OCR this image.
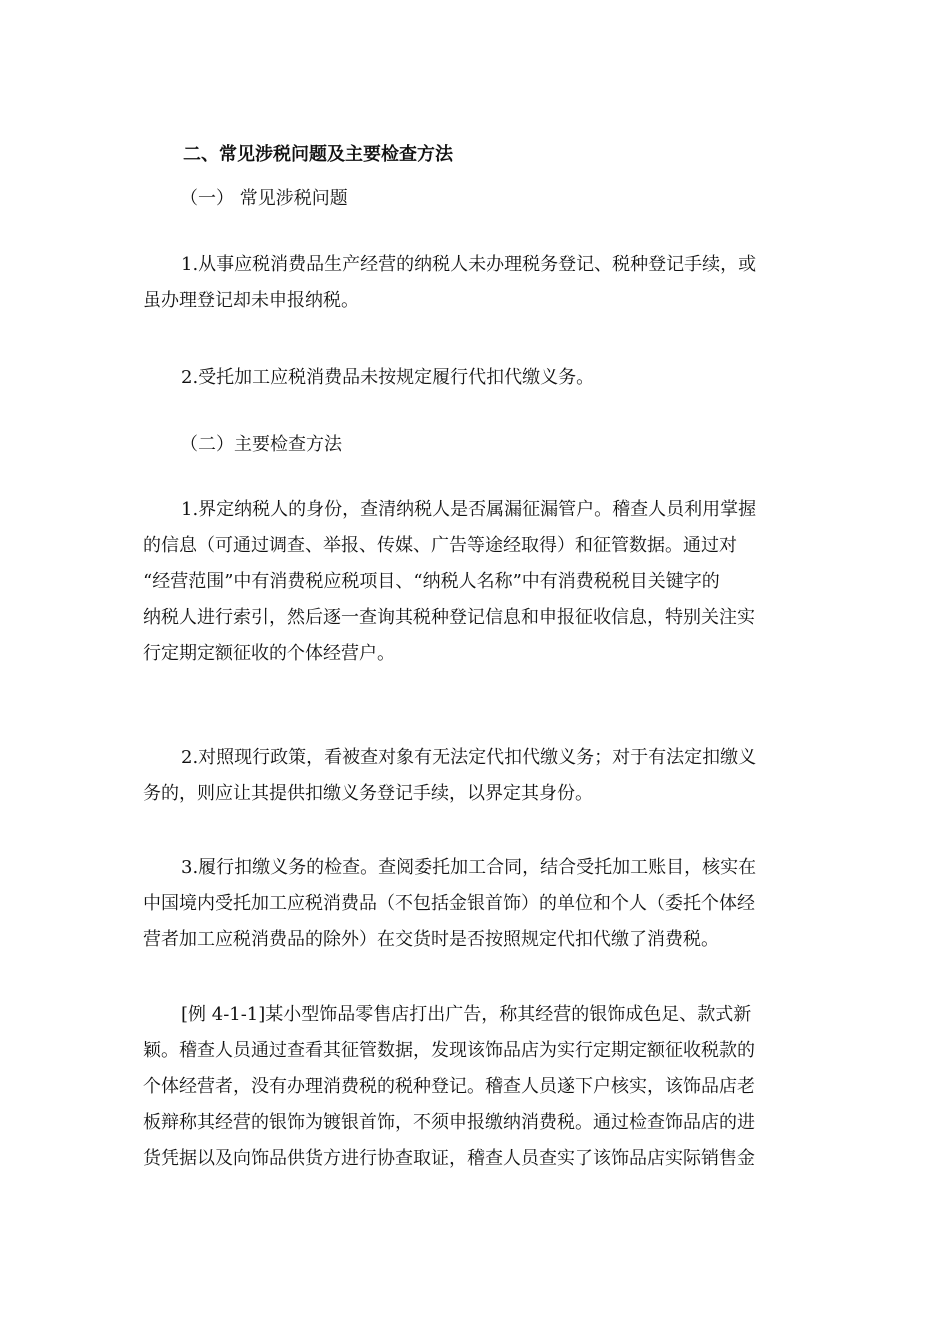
二、常见涉税问题及主要检查方法
（一） 常见涉税问题
1.从事应税消费品生产经营的纳税人未办理税务登记、税种登记手续，或
虽办理登记却未申报纳税。
2.受托加工应税消费品未按规定履行代扣代缴义务。
（二）主要检查方法
1.界定纳税人的身份，查清纳税人是否属漏征漏管户。稽查人员利用掌握
的信息（可通过调查、举报、传媒、广告等途经取得）和征管数据。通过对
“经营范围”中有消费税应税项目、“纳税人名称”中有消费税税目关键字的
纳税人进行索引，然后逐一查询其税种登记信息和申报征收信息，特别关注实
行定期定额征收的个体经营户。
2.对照现行政策，看被查对象有无法定代扣代缴义务；对于有法定扣缴义
务的，则应让其提供扣缴义务登记手续，以界定其身份。
3.履行扣缴义务的检查。查阅委托加工合同，结合受托加工账目，核实在
中国境内受托加工应税消费品（不包括金银首饰）的单位和个人（委托个体经
营者加工应税消费品的除外）在交货时是否按照规定代扣代缴了消费税。
[例 4-1-1]某小型饰品零售店打出广告，称其经营的银饰成色足、款式新
颖。稽查人员通过查看其征管数据，发现该饰品店为实行定期定额征收税款的
个体经营者，没有办理消费税的税种登记。稽查人员遂下户核实，该饰品店老
板辩称其经营的银饰为镀银首饰，不须申报缴纳消费税。通过检查饰品店的进
货凭据以及向饰品供货方进行协查取证，稽查人员查实了该饰品店实际销售金
